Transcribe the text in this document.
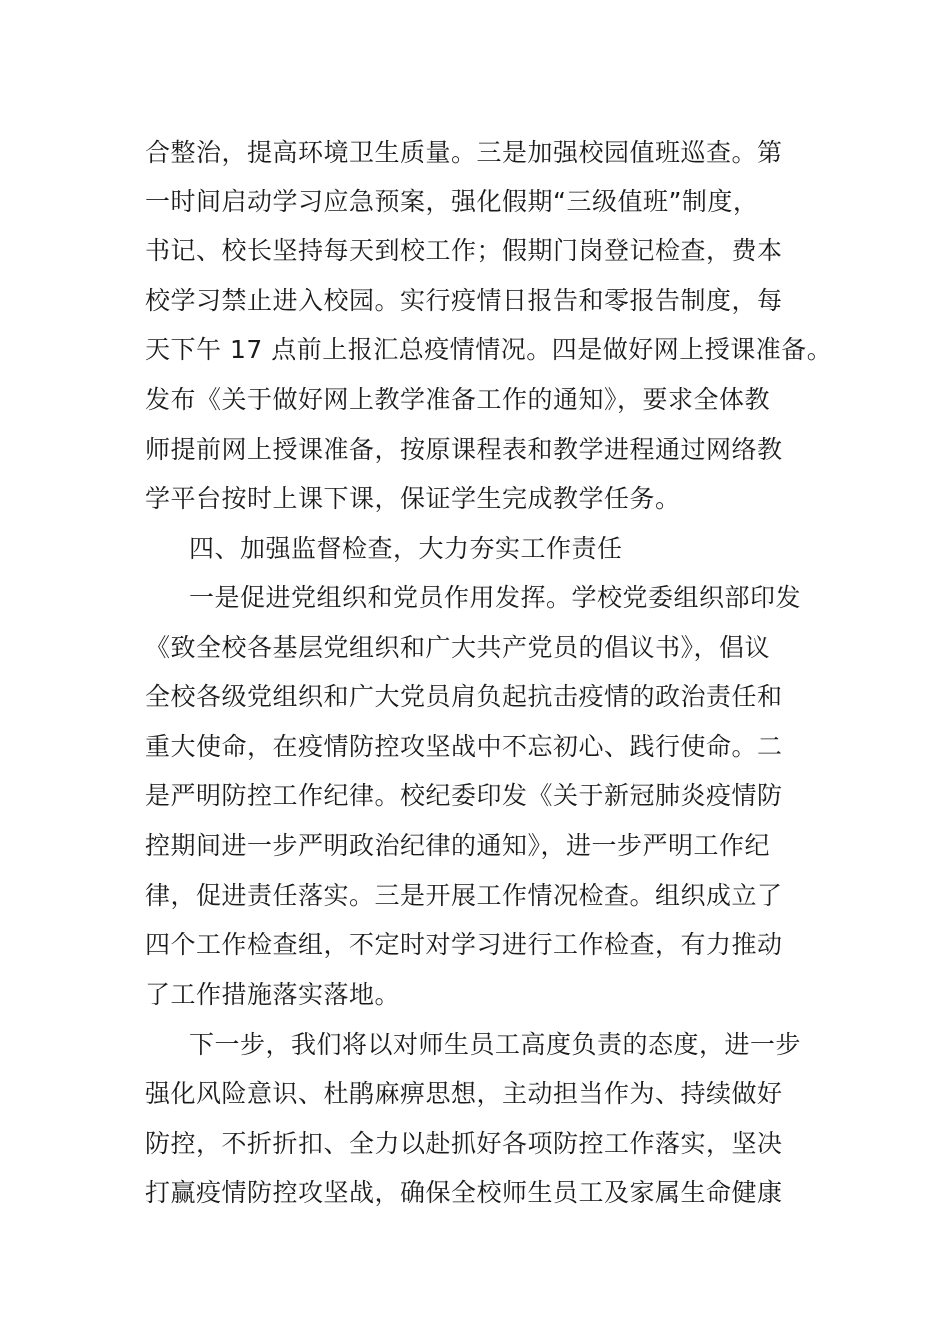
合整治，提高环境卫生质量。三是加强校园值班巡查。第
一时间启动学习应急预案，强化假期“三级值班”制度，
书记、校长坚持每天到校工作；假期门岗登记检查，费本
校学习禁止进入校园。实行疫情日报告和零报告制度，每
天下午 17 点前上报汇总疫情情况。四是做好网上授课准备。
发布《关于做好网上教学准备工作的通知》，要求全体教
师提前网上授课准备，按原课程表和教学进程通过网络教
学平台按时上课下课，保证学生完成教学任务。
四、加强监督检查，大力夯实工作责任
一是促进党组织和党员作用发挥。学校党委组织部印发
《致全校各基层党组织和广大共产党员的倡议书》，倡议
全校各级党组织和广大党员肩负起抗击疫情的政治责任和
重大使命，在疫情防控攻坚战中不忘初心、践行使命。二
是严明防控工作纪律。校纪委印发《关于新冠肺炎疫情防
控期间进一步严明政治纪律的通知》，进一步严明工作纪
律，促进责任落实。三是开展工作情况检查。组织成立了
四个工作检查组，不定时对学习进行工作检查，有力推动
了工作措施落实落地。
下一步，我们将以对师生员工高度负责的态度，进一步
强化风险意识、杜鹃麻痹思想，主动担当作为、持续做好
防控，不折折扣、全力以赴抓好各项防控工作落实，坚决
打赢疫情防控攻坚战，确保全校师生员工及家属生命健康
